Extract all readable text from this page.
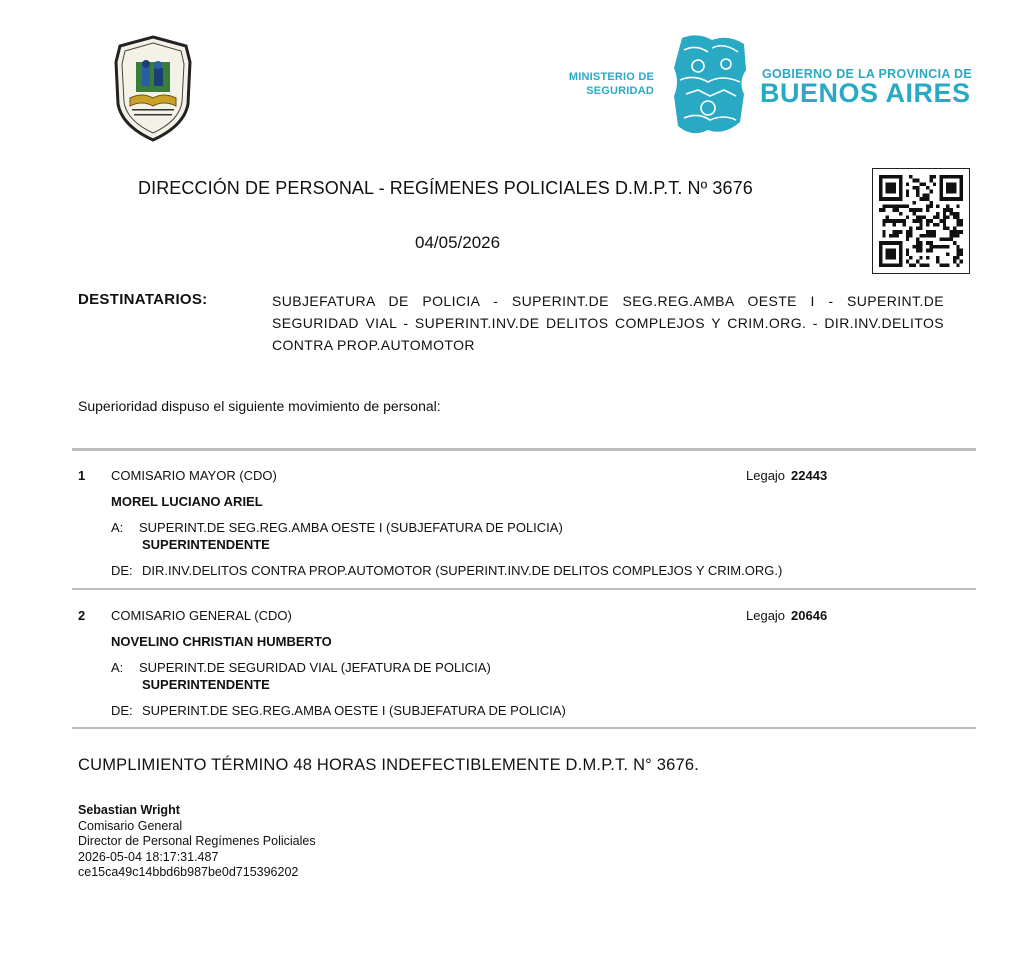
MINISTERIO DE
SEGURIDAD
GOBIERNO DE LA PROVINCIA DE
BUENOS AIRES
DIRECCIÓN DE PERSONAL - REGÍMENES POLICIALES D.M.P.T. Nº 3676
04/05/2026
DESTINATARIOS:	SUBJEFATURA DE POLICIA - SUPERINT.DE SEG.REG.AMBA OESTE I - SUPERINT.DE SEGURIDAD VIAL - SUPERINT.INV.DE DELITOS COMPLEJOS Y CRIM.ORG. - DIR.INV.DELITOS CONTRA PROP.AUTOMOTOR
Superioridad dispuso el siguiente movimiento de personal:
1 COMISARIO MAYOR (CDO)	Legajo 22443
MOREL LUCIANO ARIEL
A: SUPERINT.DE SEG.REG.AMBA OESTE I (SUBJEFATURA DE POLICIA)
SUPERINTENDENTE
DE: DIR.INV.DELITOS CONTRA PROP.AUTOMOTOR (SUPERINT.INV.DE DELITOS COMPLEJOS Y CRIM.ORG.)
2 COMISARIO GENERAL (CDO)	Legajo 20646
NOVELINO CHRISTIAN HUMBERTO
A: SUPERINT.DE SEGURIDAD VIAL (JEFATURA DE POLICIA)
SUPERINTENDENTE
DE: SUPERINT.DE SEG.REG.AMBA OESTE I (SUBJEFATURA DE POLICIA)
CUMPLIMIENTO TÉRMINO 48 HORAS INDEFECTIBLEMENTE D.M.P.T. N° 3676.
Sebastian Wright
Comisario General
Director de Personal Regímenes Policiales
2026-05-04 18:17:31.487
ce15ca49c14bbd6b987be0d715396202
